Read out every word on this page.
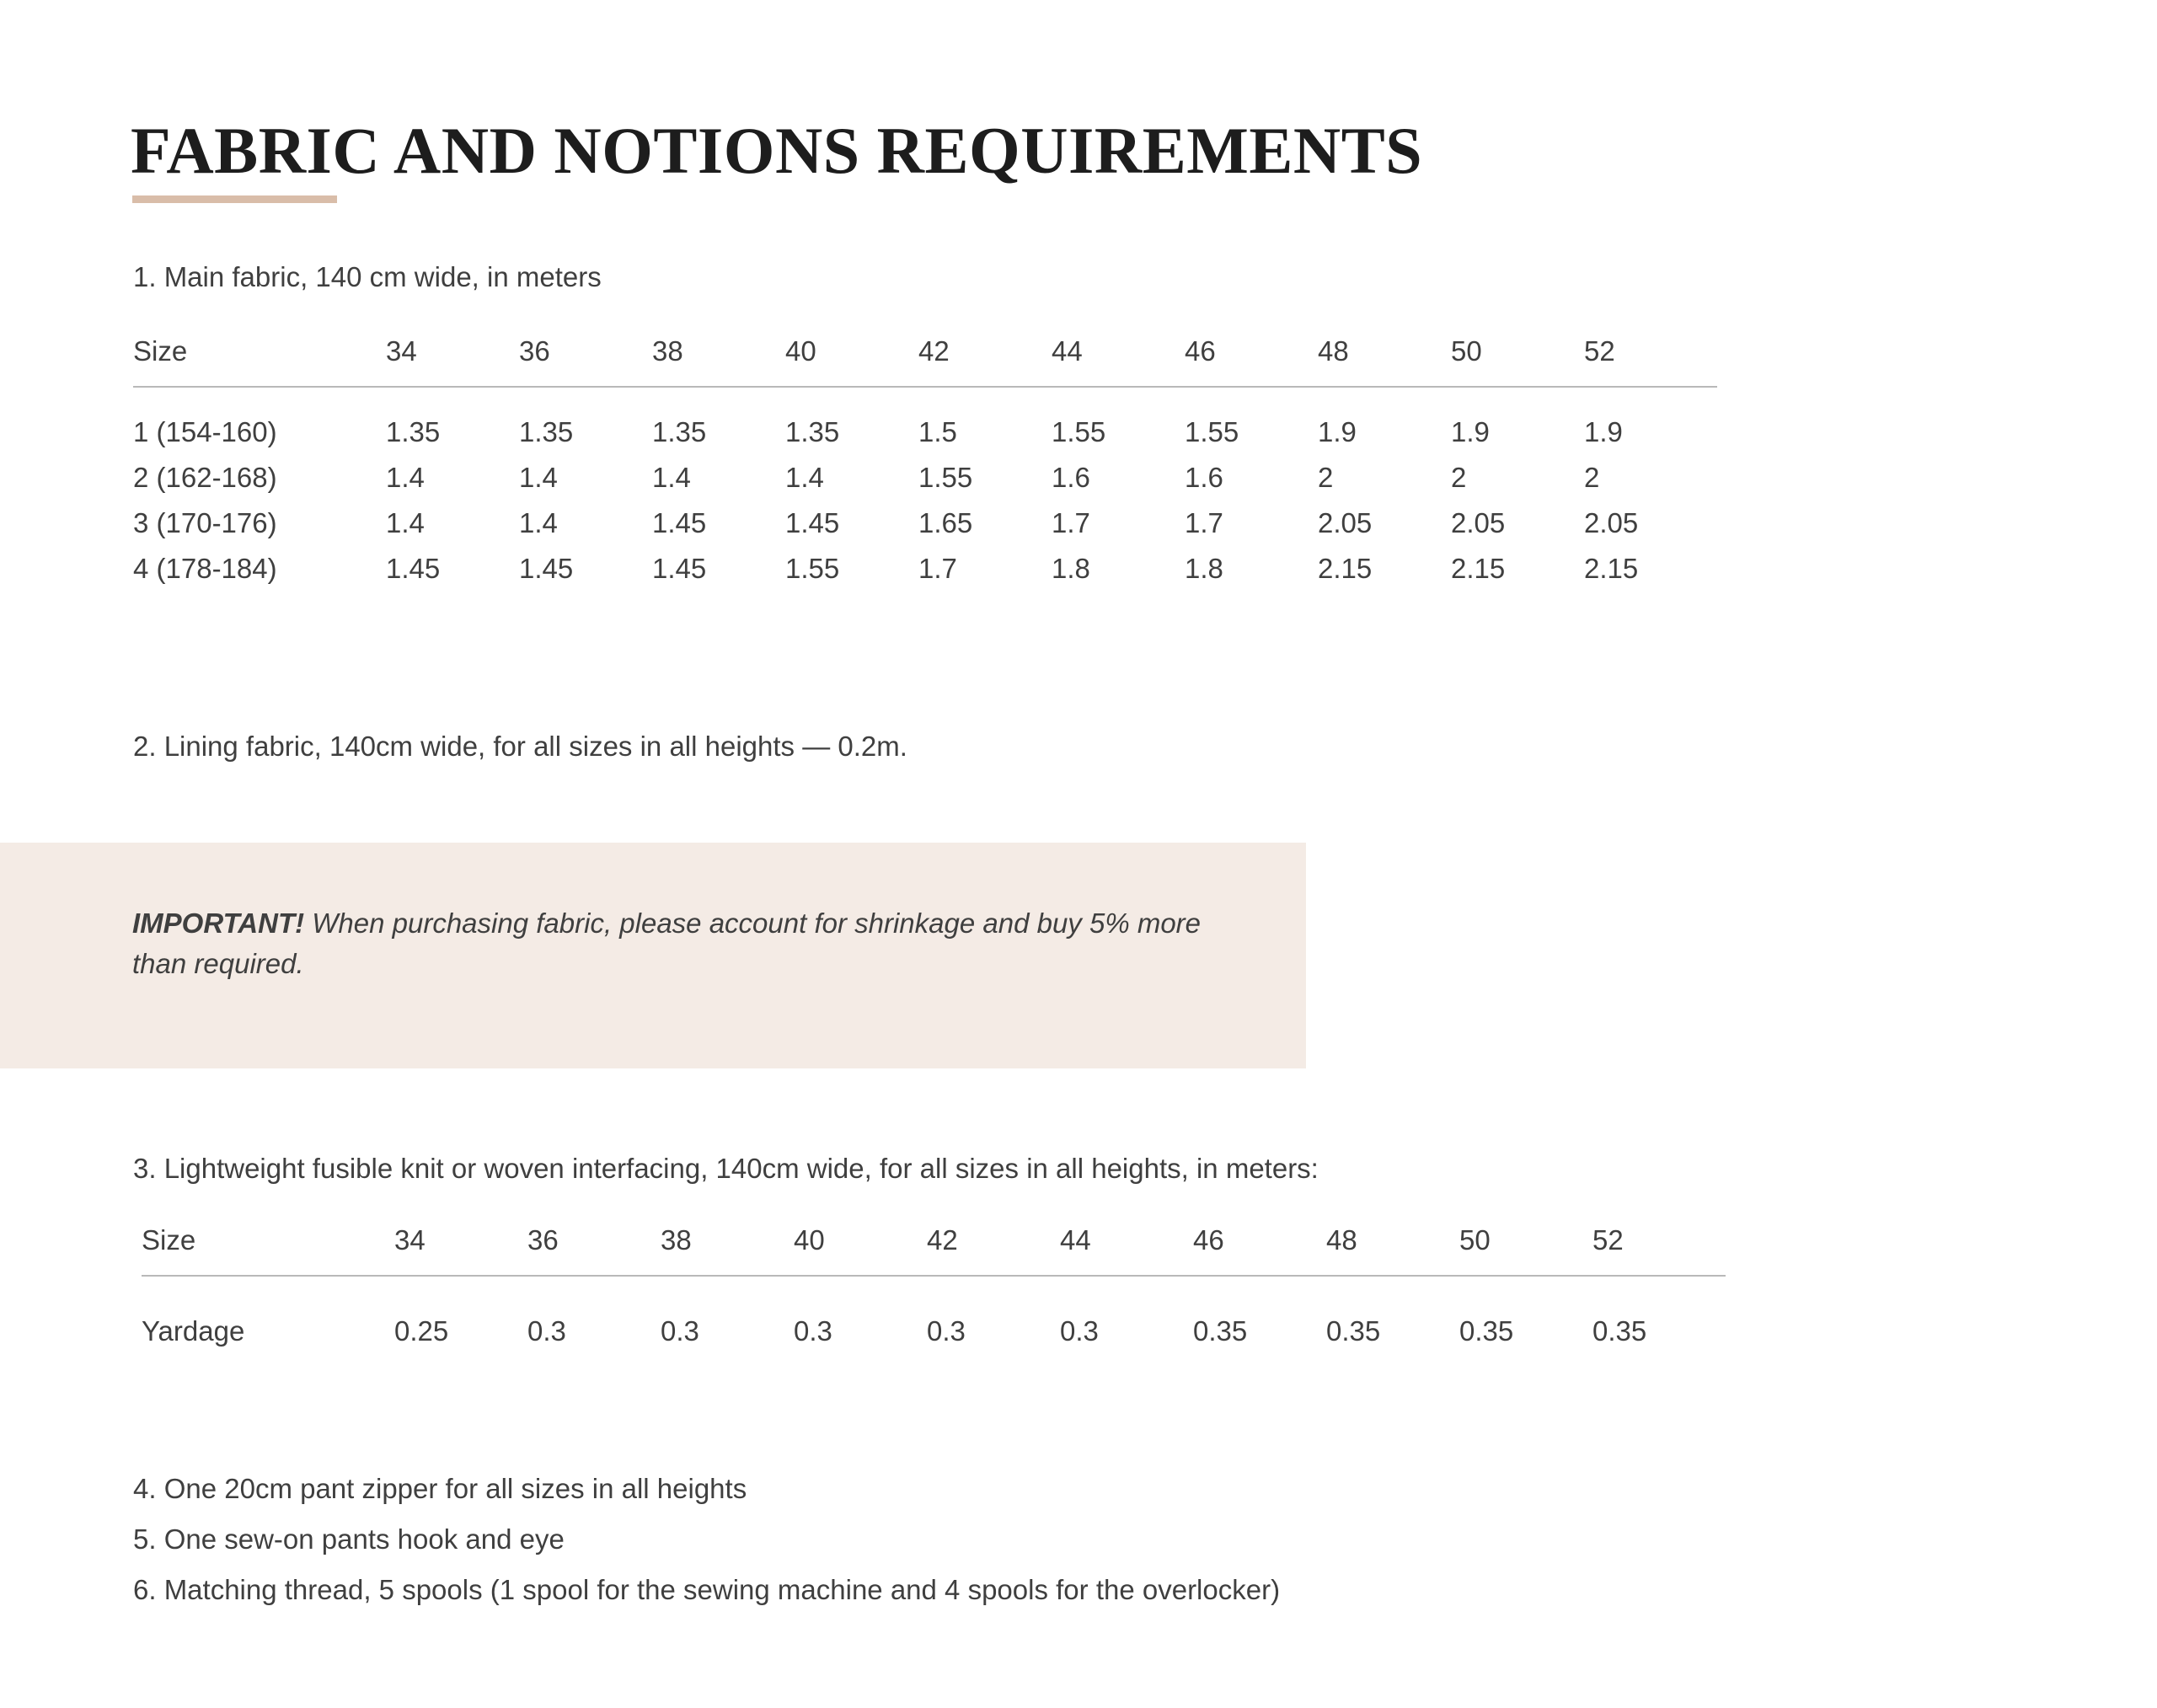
FABRIC AND NOTIONS REQUIREMENTS
1. Main fabric, 140 cm wide, in meters
Size	34	36	38	40	42	44	46	48	50	52

1 (154-160)	1.35	1.35	1.35	1.35	1.5	1.55	1.55	1.9	1.9	1.9
2 (162-168)	1.4	1.4	1.4	1.4	1.55	1.6	1.6	2	2	2
3 (170-176)	1.4	1.4	1.45	1.45	1.65	1.7	1.7	2.05	2.05	2.05
4 (178-184)	1.45	1.45	1.45	1.55	1.7	1.8	1.8	2.15	2.15	2.15
2. Lining fabric, 140cm wide, for all sizes in all heights — 0.2m.
IMPORTANT! When purchasing fabric, please account for shrinkage and buy 5% more than required.
3. Lightweight fusible knit or woven interfacing, 140cm wide, for all sizes in all heights, in meters:
Size	34	36	38	40	42	44	46	48	50	52

Yardage	0.25	0.3	0.3	0.3	0.3	0.3	0.35	0.35	0.35	0.35
4. One 20cm pant zipper for all sizes in all heights
5. One sew-on pants hook and eye
6. Matching thread, 5 spools (1 spool for the sewing machine and 4 spools for the overlocker)
